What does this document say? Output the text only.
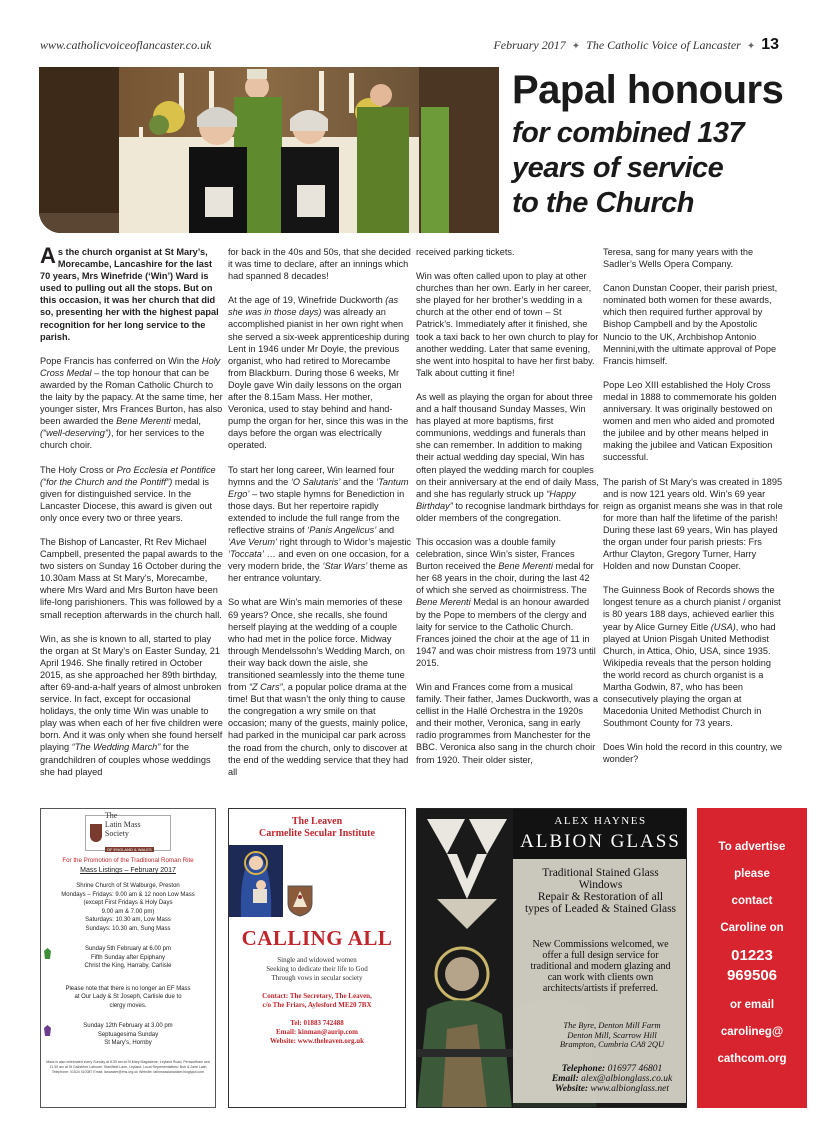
www.catholicvoiceoflancaster.co.uk	February 2017 ✦ The Catholic Voice of Lancaster ✦ 13
Papal honours
for combined 137
years of service
to the Church

As the church organist at St Mary’s, Morecambe, Lancashire for the last 70 years, Mrs Winefride (‘Win’) Ward is used to pulling out all the stops. But on this occasion, it was her church that did so, presenting her with the highest papal recognition for her long service to the parish.

Pope Francis has conferred on Win the Holy Cross Medal – the top honour that can be awarded by the Roman Catholic Church to the laity by the papacy. At the same time, her younger sister, Mrs Frances Burton, has also been awarded the Bene Merenti medal, (“well-deserving”), for her services to the church choir.

The Holy Cross or Pro Ecclesia et Pontifice (“for the Church and the Pontiff”) medal is given for distinguished service. In the Lancaster Diocese, this award is given out only once every two or three years.

The Bishop of Lancaster, Rt Rev Michael Campbell, presented the papal awards to the two sisters on Sunday 16 October during the 10.30am Mass at St Mary’s, Morecambe, where Mrs Ward and Mrs Burton have been life-long parishioners. This was followed by a small reception afterwards in the church hall.

Win, as she is known to all, started to play the organ at St Mary’s on Easter Sunday, 21 April 1946. She finally retired in October 2015, as she approached her 89th birthday, after 69-and-a-half years of almost unbroken service. In fact, except for occasional holidays, the only time Win was unable to play was when each of her five children were born. And it was only when she found herself playing “The Wedding March” for the grandchildren of couples whose weddings she had played

for back in the 40s and 50s, that she decided it was time to declare, after an innings which had spanned 8 decades!

At the age of 19, Winefride Duckworth (as she was in those days) was already an accomplished pianist in her own right when she served a six-week apprenticeship during Lent in 1946 under Mr Doyle, the previous organist, who had retired to Morecambe from Blackburn. During those 6 weeks, Mr Doyle gave Win daily lessons on the organ after the 8.15am Mass. Her mother, Veronica, used to stay behind and hand-pump the organ for her, since this was in the days before the organ was electrically operated.

To start her long career, Win learned four hymns and the ‘O Salutaris’ and the ‘Tantum Ergo’ – two staple hymns for Benediction in those days. But her repertoire rapidly extended to include the full range from the reflective strains of ‘Panis Angelicus’ and ‘Ave Verum’ right through to Widor’s majestic ‘Toccata’ … and even on one occasion, for a very modern bride, the ‘Star Wars’ theme as her entrance voluntary.

So what are Win’s main memories of these 69 years? Once, she recalls, she found herself playing at the wedding of a couple who had met in the police force. Midway through Mendelssohn’s Wedding March, on their way back down the aisle, she transitioned seamlessly into the theme tune from “Z Cars”, a popular police drama at the time! But that wasn’t the only thing to cause the congregation a wry smile on that occasion; many of the guests, mainly police, had parked in the municipal car park across the road from the church, only to discover at the end of the wedding service that they had all

received parking tickets.

Win was often called upon to play at other churches than her own. Early in her career, she played for her brother’s wedding in a church at the other end of town – St Patrick’s. Immediately after it finished, she took a taxi back to her own church to play for another wedding. Later that same evening, she went into hospital to have her first baby. Talk about cutting it fine!

As well as playing the organ for about three and a half thousand Sunday Masses, Win has played at more baptisms, first communions, weddings and funerals than she can remember. In addition to making their actual wedding day special, Win has often played the wedding march for couples on their anniversary at the end of daily Mass, and she has regularly struck up “Happy Birthday” to recognise landmark birthdays for older members of the congregation.

This occasion was a double family celebration, since Win’s sister, Frances Burton received the Bene Merenti medal for her 68 years in the choir, during the last 42 of which she served as choirmistress. The Bene Merenti Medal is an honour awarded by the Pope to members of the clergy and laity for service to the Catholic Church. Frances joined the choir at the age of 11 in 1947 and was choir mistress from 1973 until 2015.

Win and Frances come from a musical family. Their father, James Duckworth, was a cellist in the Hallé Orchestra in the 1920s and their mother, Veronica, sang in early radio programmes from Manchester for the BBC. Veronica also sang in the church choir from 1920. Their older sister,

Teresa, sang for many years with the Sadler’s Wells Opera Company.

Canon Dunstan Cooper, their parish priest, nominated both women for these awards, which then required further approval by Bishop Campbell and by the Apostolic Nuncio to the UK, Archbishop Antonio Mennini,with the ultimate approval of Pope Francis himself.

Pope Leo XIII established the Holy Cross medal in 1888 to commemorate his golden anniversary. It was originally bestowed on women and men who aided and promoted the jubilee and by other means helped in making the jubilee and Vatican Exposition successful.

The parish of St Mary’s was created in 1895 and is now 121 years old. Win’s 69 year reign as organist means she was in that role for more than half the lifetime of the parish! During these last 69 years, Win has played the organ under four parish priests: Frs Arthur Clayton, Gregory Turner, Harry Holden and now Dunstan Cooper.

The Guinness Book of Records shows the longest tenure as a church pianist / organist is 80 years 188 days, achieved earlier this year by Alice Gurney Eitle (USA), who had played at Union Pisgah United Methodist Church, in Attica, Ohio, USA, since 1935. Wikipedia reveals that the person holding the world record as church organist is a Martha Godwin, 87, who has been consecutively playing the organ at Macedonia United Methodist Church in Southmont County for 73 years.

Does Win hold the record in this country, we wonder?

The
Latin Mass Society
OF ENGLAND & WALES
For the Promotion of the Traditional Roman Rite
Mass Listings – February 2017
Shrine Church of St Walburge, Preston
Mondays – Fridays: 9.00 am & 12 noon Low Mass
(except First Fridays & Holy Days
9.00 am & 7.00 pm)
Saturdays: 10.30 am, Low Mass
Sundays: 10.30 am, Sung Mass
Sunday 5th February at 6.00 pm
Fifth Sunday after Epiphany
Christ the King, Harraby, Carlisle
Please note that there is no longer an EF Mass
at Our Lady & St Joseph, Carlisle due to
clergy moves.
Sunday 12th February at 3.00 pm
Septuagesima Sunday
St Mary’s, Hornby
Mass is also celebrated every Sunday at 8.30 am at St Mary Magdalene, Leyland Road, Penwortham and 11.30 am at St Catherine Labouré, Stanifield Lane, Leyland. Local Representatives: Bob & Jane Latin Telephone: 01524 410087 Email: lancaster@lms.org.uk Website: latinmasslancaster.blogspot.com
The Leaven
Carmelite Secular Institute

CALLING ALL
Single and widowed women
Seeking to dedicate their life to God
Through vows in secular society
Contact: The Secretary, The Leaven,
c/o The Friars, Aylesford ME20 7BX
Tel: 01883 742488
Email: kinman@aurip.com
Website: www.theleaven.org.uk
ALEX HAYNES
ALBION GLASS
Traditional Stained Glass
Windows
Repair & Restoration of all
types of Leaded & Stained Glass
New Commissions welcomed, we
offer a full design service for
traditional and modern glazing and
can work with clients own
architects/artists if preferred.
The Byre, Denton Mill Farm
Denton Mill, Scarrow Hill
Brampton, Cumbria CA8 2QU
Telephone: 016977 46801
Email: alex@albionglass.co.uk
Website: www.albionglass.net
To advertise
please
contact
Caroline on
01223
969506
or email
carolineg@
cathcom.org
